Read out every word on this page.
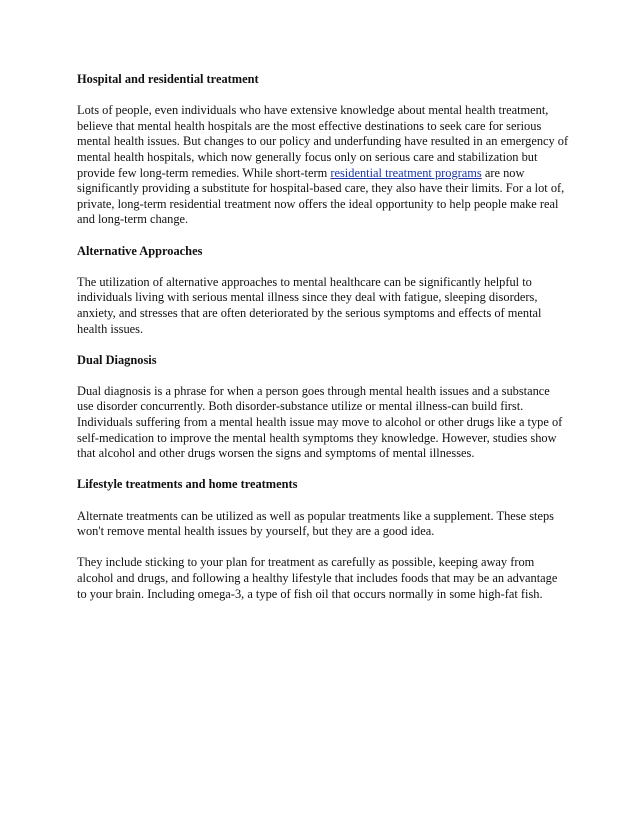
Hospital and residential treatment

Lots of people, even individuals who have extensive knowledge about mental health treatment, believe that mental health hospitals are the most effective destinations to seek care for serious mental health issues. But changes to our policy and underfunding have resulted in an emergency of mental health hospitals, which now generally focus only on serious care and stabilization but provide few long-term remedies. While short-term residential treatment programs are now significantly providing a substitute for hospital-based care, they also have their limits. For a lot of, private, long-term residential treatment now offers the ideal opportunity to help people make real and long-term change.

Alternative Approaches

The utilization of alternative approaches to mental healthcare can be significantly helpful to individuals living with serious mental illness since they deal with fatigue, sleeping disorders, anxiety, and stresses that are often deteriorated by the serious symptoms and effects of mental health issues.

Dual Diagnosis

Dual diagnosis is a phrase for when a person goes through mental health issues and a substance use disorder concurrently. Both disorder-substance utilize or mental illness-can build first. Individuals suffering from a mental health issue may move to alcohol or other drugs like a type of self-medication to improve the mental health symptoms they knowledge. However, studies show that alcohol and other drugs worsen the signs and symptoms of mental illnesses.

Lifestyle treatments and home treatments

Alternate treatments can be utilized as well as popular treatments like a supplement. These steps won't remove mental health issues by yourself, but they are a good idea.

They include sticking to your plan for treatment as carefully as possible, keeping away from alcohol and drugs, and following a healthy lifestyle that includes foods that may be an advantage to your brain. Including omega-3, a type of fish oil that occurs normally in some high-fat fish.
